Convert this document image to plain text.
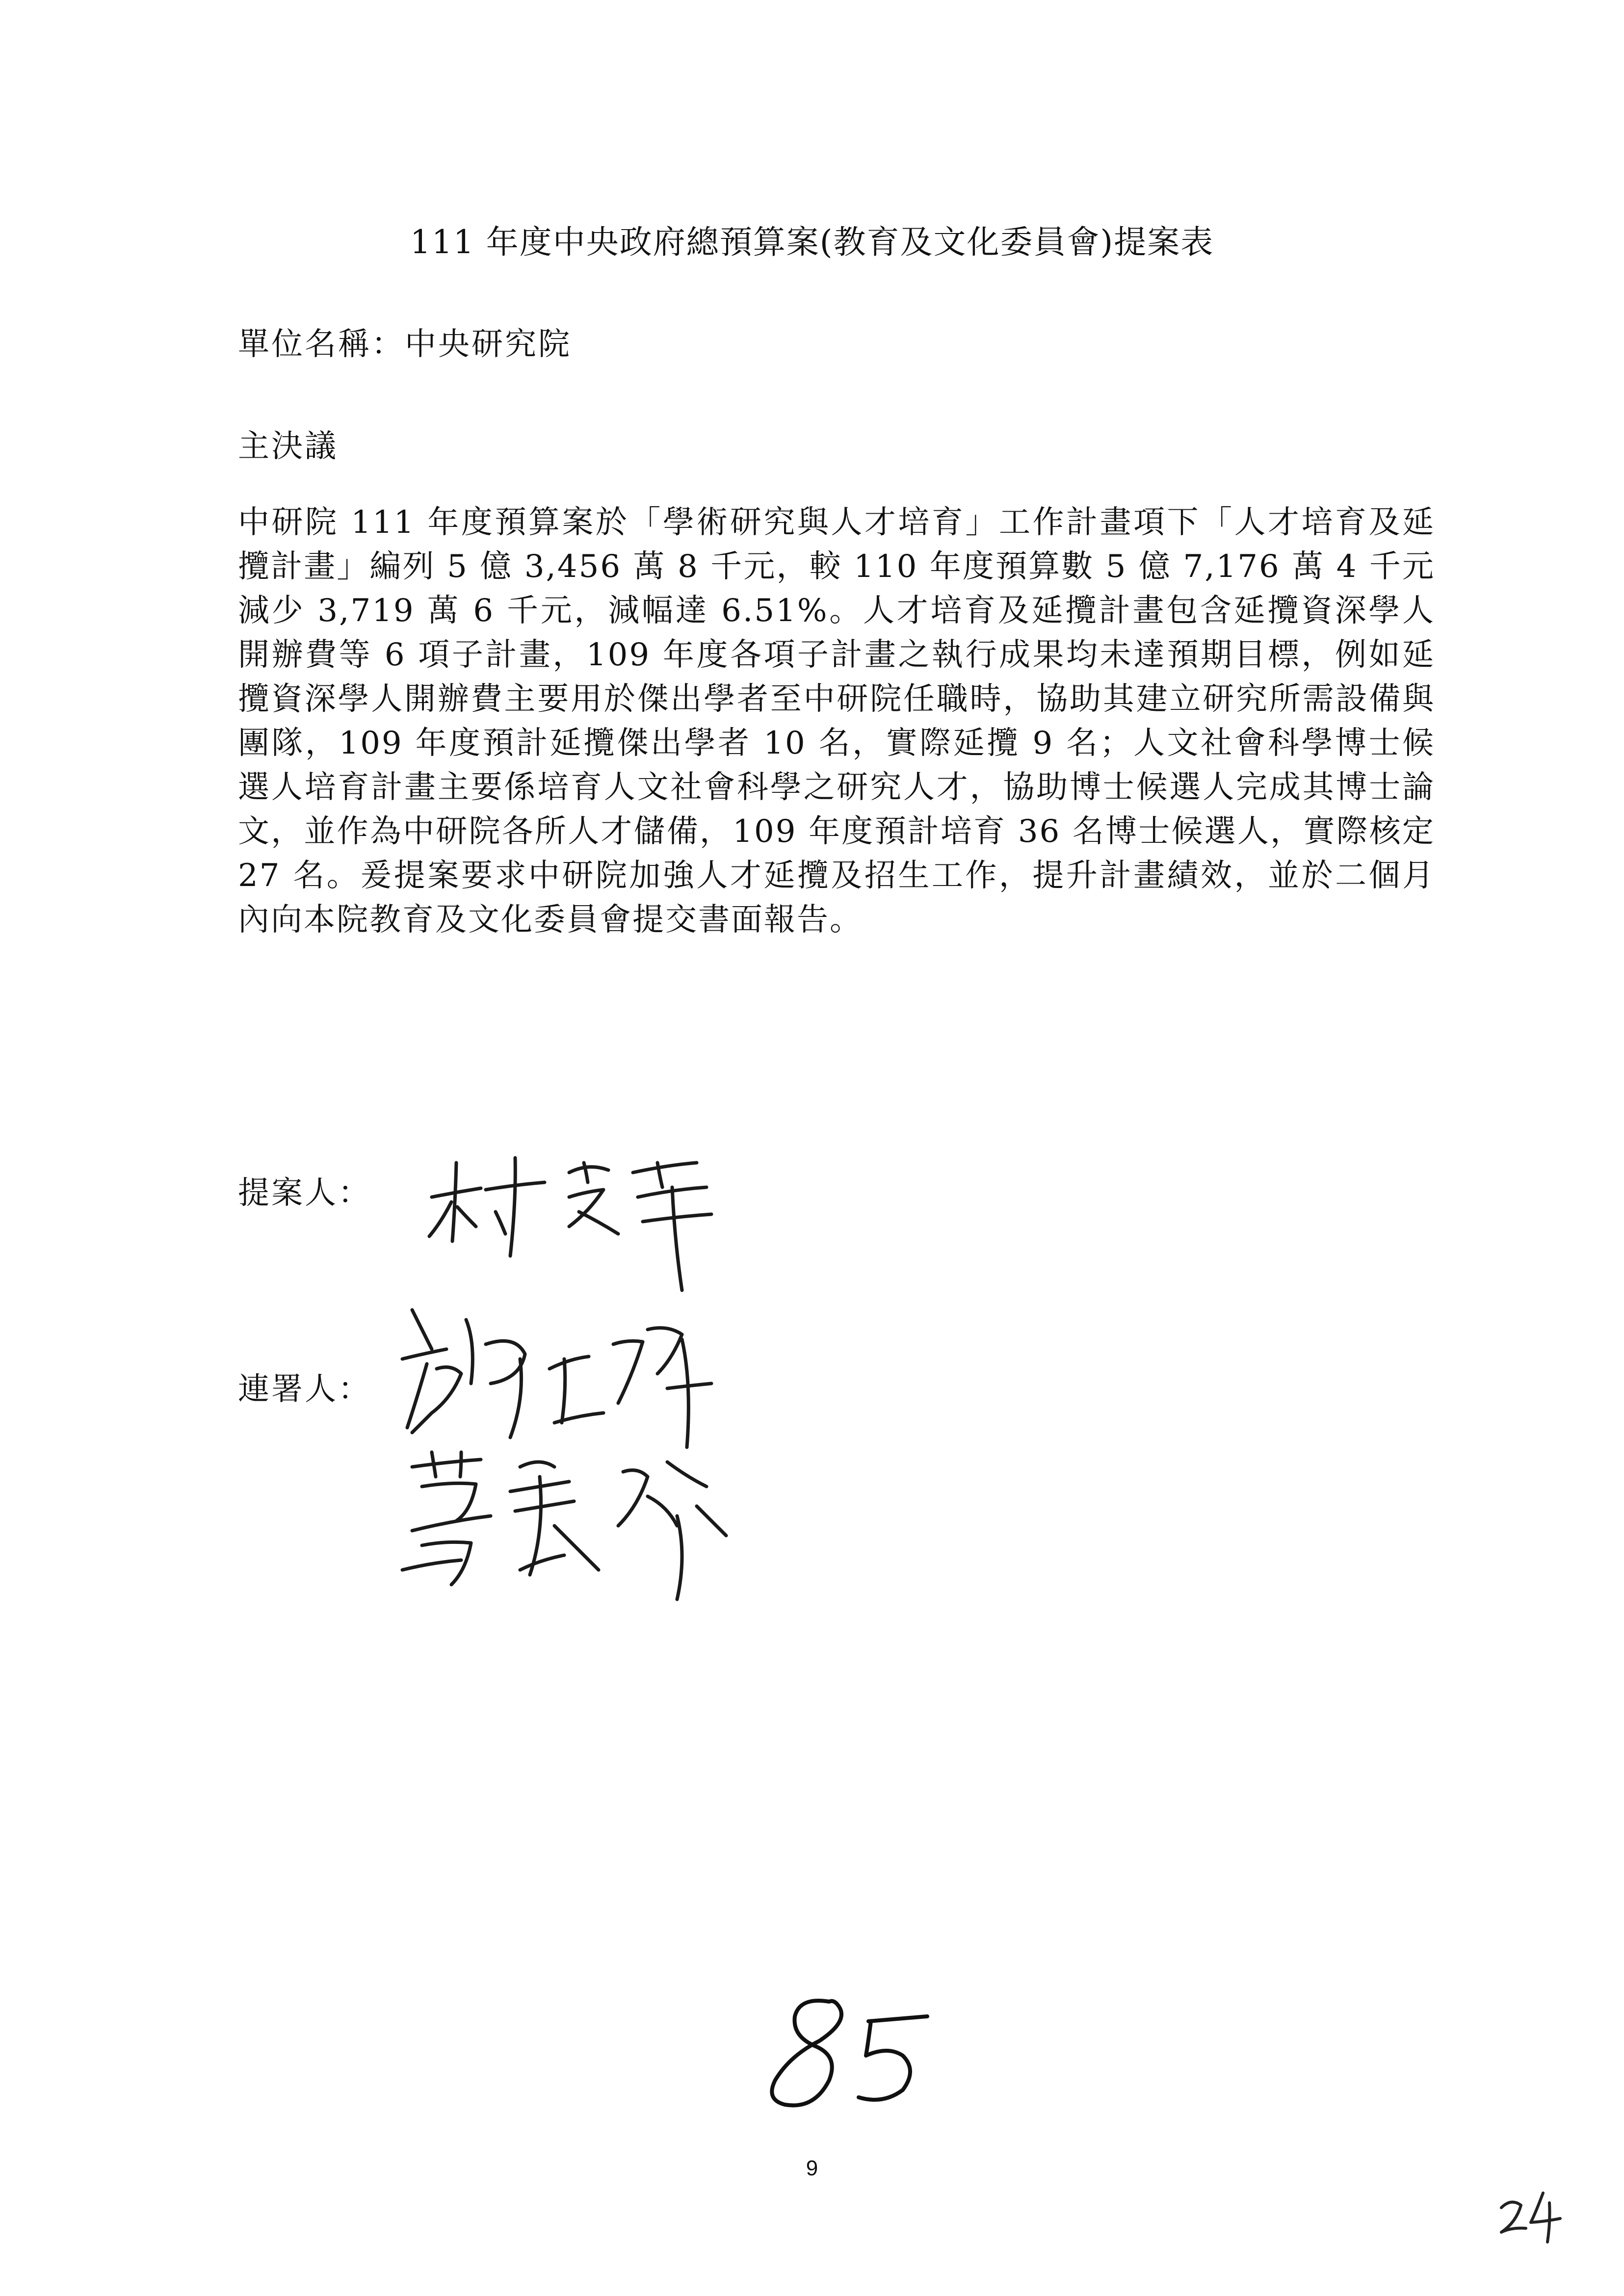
111 年度中央政府總預算案(教育及文化委員會)提案表
單位名稱：中央研究院
主決議
中研院 111 年度預算案於「學術研究與人才培育」工作計畫項下「人才培育及延攬計畫」編列 5 億 3,456 萬 8 千元，較 110 年度預算數 5 億 7,176 萬 4 千元減少 3,719 萬 6 千元，減幅達 6.51%。人才培育及延攬計畫包含延攬資深學人開辦費等 6 項子計畫，109 年度各項子計畫之執行成果均未達預期目標，例如延攬資深學人開辦費主要用於傑出學者至中研院任職時，協助其建立研究所需設備與團隊，109 年度預計延攬傑出學者 10 名，實際延攬 9 名；人文社會科學博士候選人培育計畫主要係培育人文社會科學之研究人才，協助博士候選人完成其博士論文，並作為中研院各所人才儲備，109 年度預計培育 36 名博士候選人，實際核定 27 名。爰提案要求中研院加強人才延攬及招生工作，提升計畫績效，並於二個月內向本院教育及文化委員會提交書面報告。
提案人：
連署人：
9
